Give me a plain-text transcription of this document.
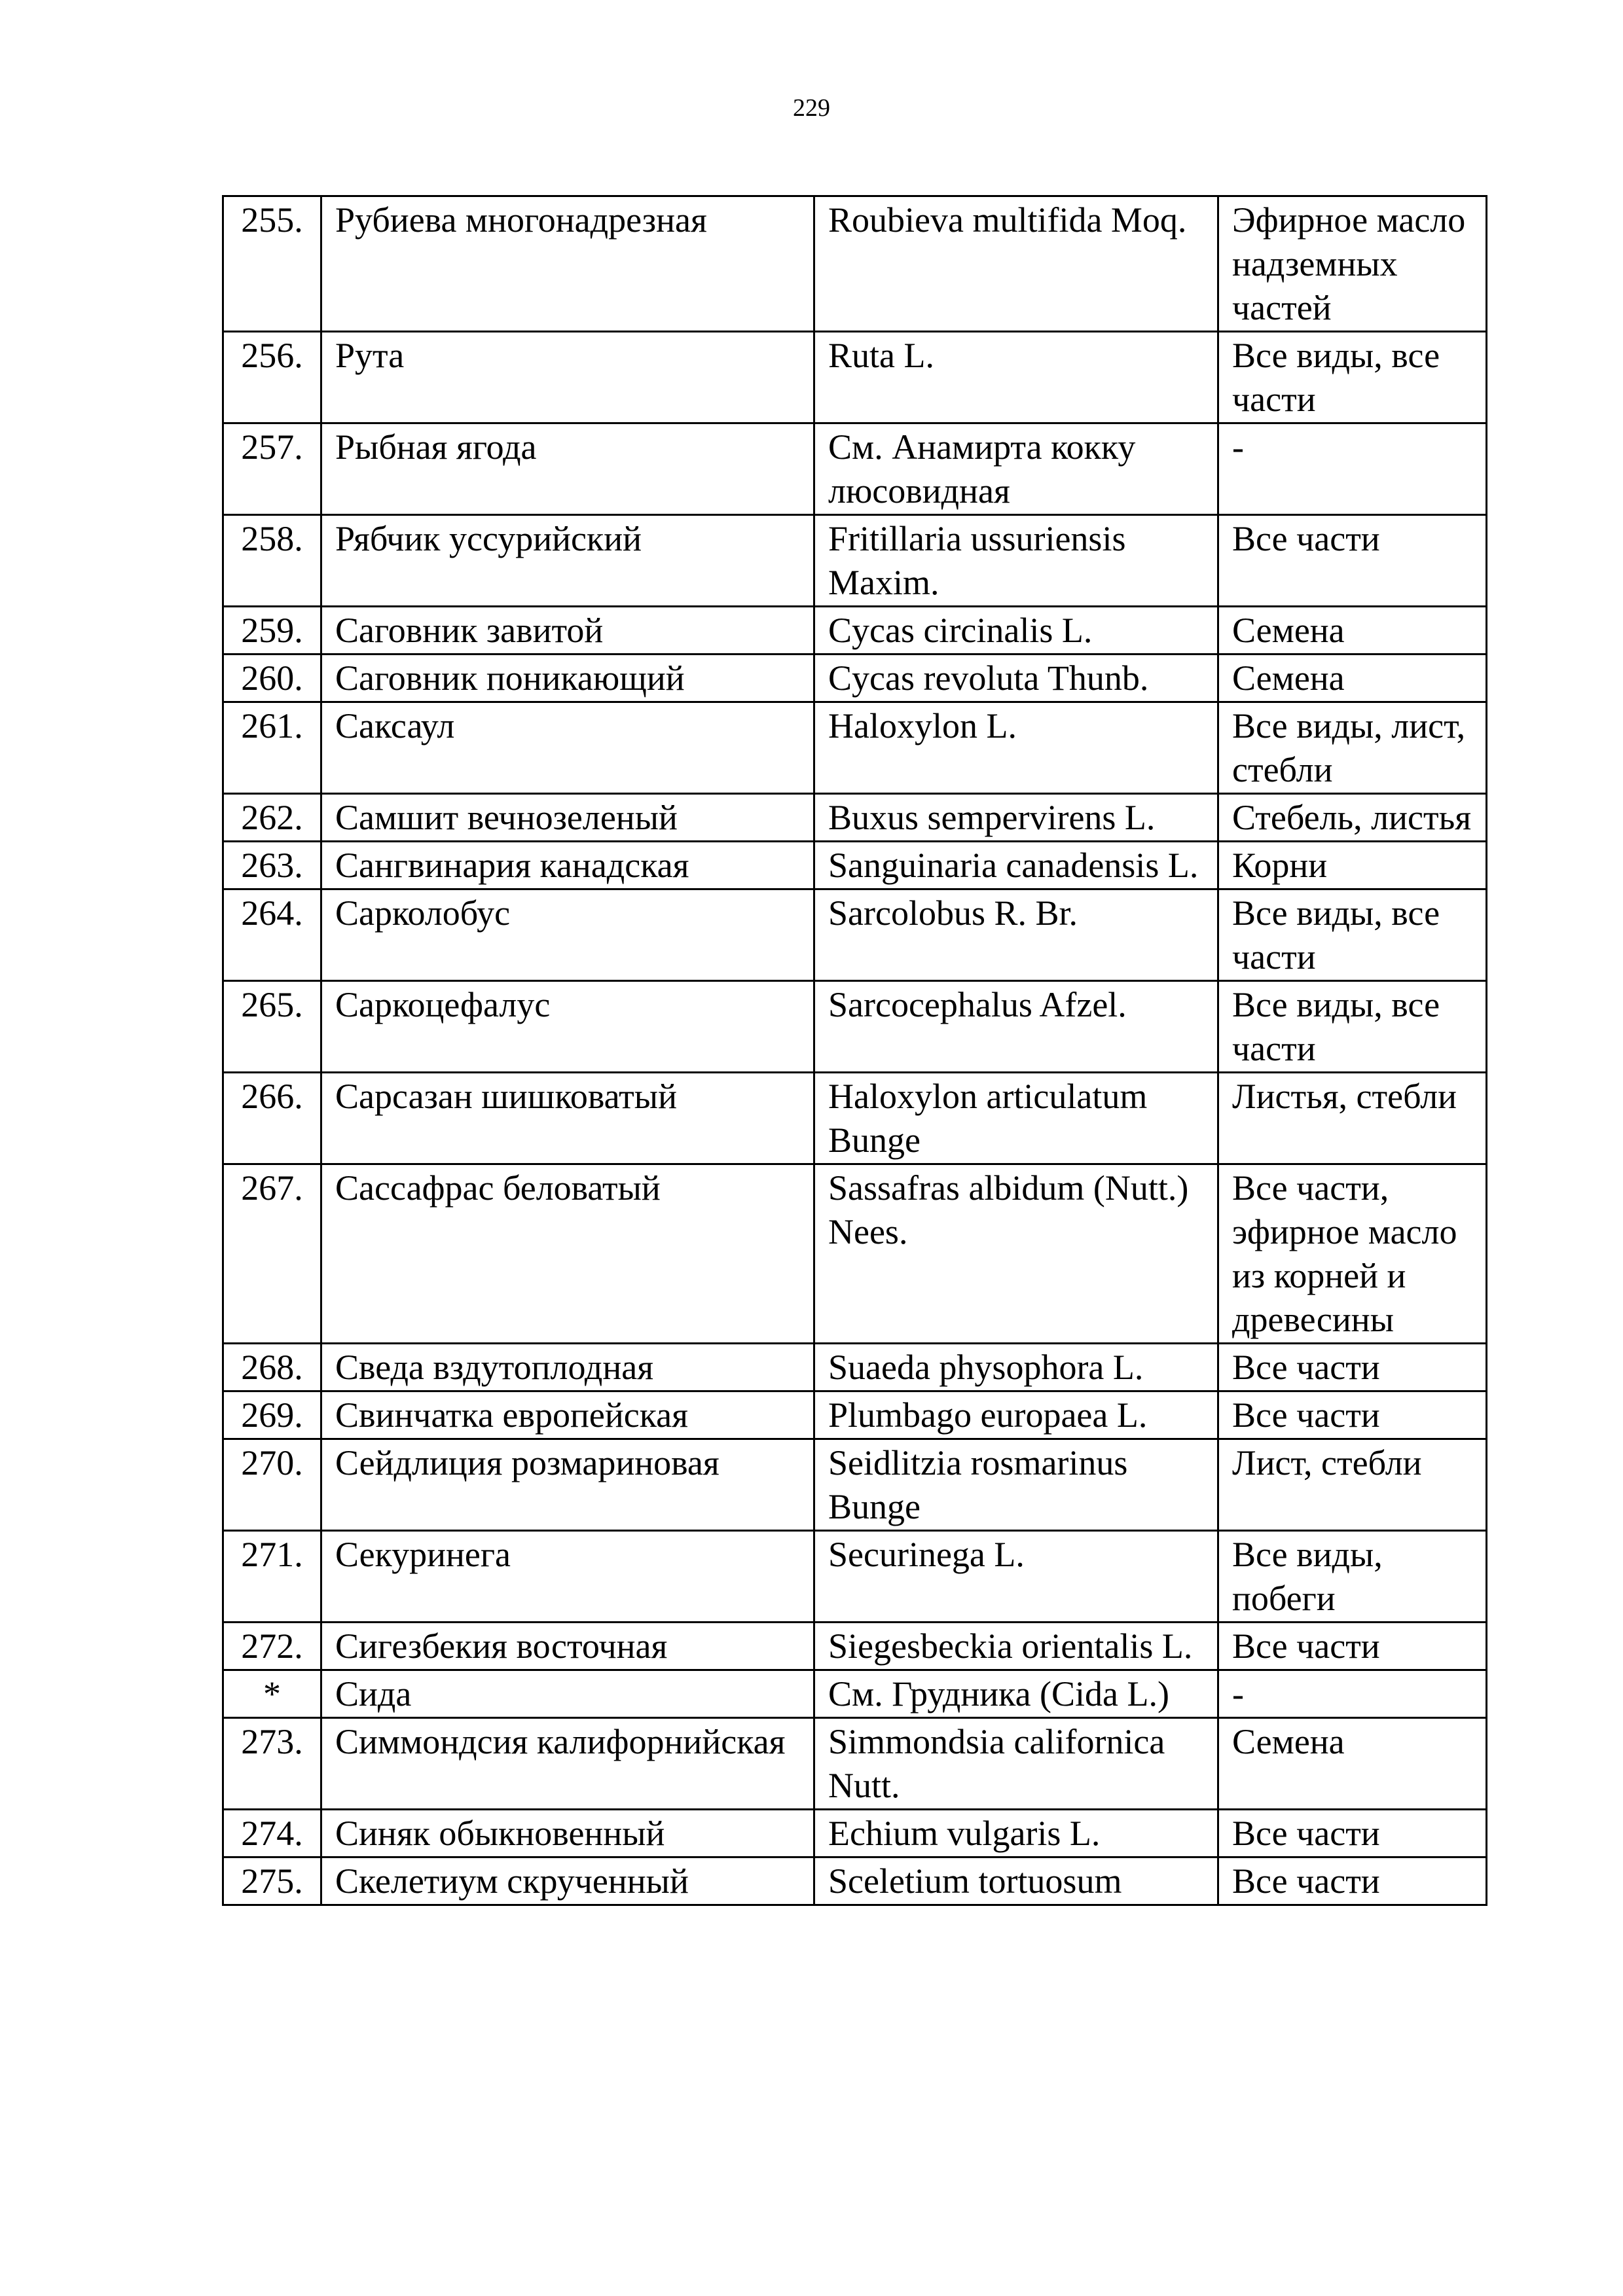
229
255.	Рубиева многонадрезная	Roubieva multifida Moq.	Эфирное масло надземных частей
256.	Рута	Ruta L.	Все виды, все части
257.	Рыбная ягода	См. Анамирта кокку люсовидная	-
258.	Рябчик уссурийский	Fritillaria ussuriensis Maxim.	Все части
259.	Саговник завитой	Cycas circinalis L.	Семена
260.	Саговник поникающий	Cycas revoluta Thunb.	Семена
261.	Саксаул	Haloxylon L.	Все виды, лист, стебли
262.	Самшит вечнозеленый	Buxus sempervirens L.	Стебель, листья
263.	Сангвинария канадская	Sanguinaria canadensis L.	Корни
264.	Сарколобус	Sarcolobus R. Br.	Все виды, все части
265.	Саркоцефалус	Sarcocephalus Afzel.	Все виды, все части
266.	Сарсазан шишковатый	Haloxylon articulatum Bunge	Листья, стебли
267.	Сассафрас беловатый	Sassafras albidum (Nutt.) Nees.	Все части, эфирное масло из корней и древесины
268.	Сведа вздутоплодная	Suaeda physophora L.	Все части
269.	Свинчатка европейская	Plumbago europaea L.	Все части
270.	Сейдлиция розмариновая	Seidlitzia rosmarinus Bunge	Лист, стебли
271.	Секуринега	Securinega L.	Все виды, побеги
272.	Сигезбекия восточная	Siegesbeckia orientalis L.	Все части
*	Сида	См. Грудника (Cida L.)	-
273.	Симмондсия калифорнийская	Simmondsia californica Nutt.	Семена
274.	Синяк обыкновенный	Echium vulgaris L.	Все части
275.	Скелетиум скрученный	Sceletium tortuosum	Все части
